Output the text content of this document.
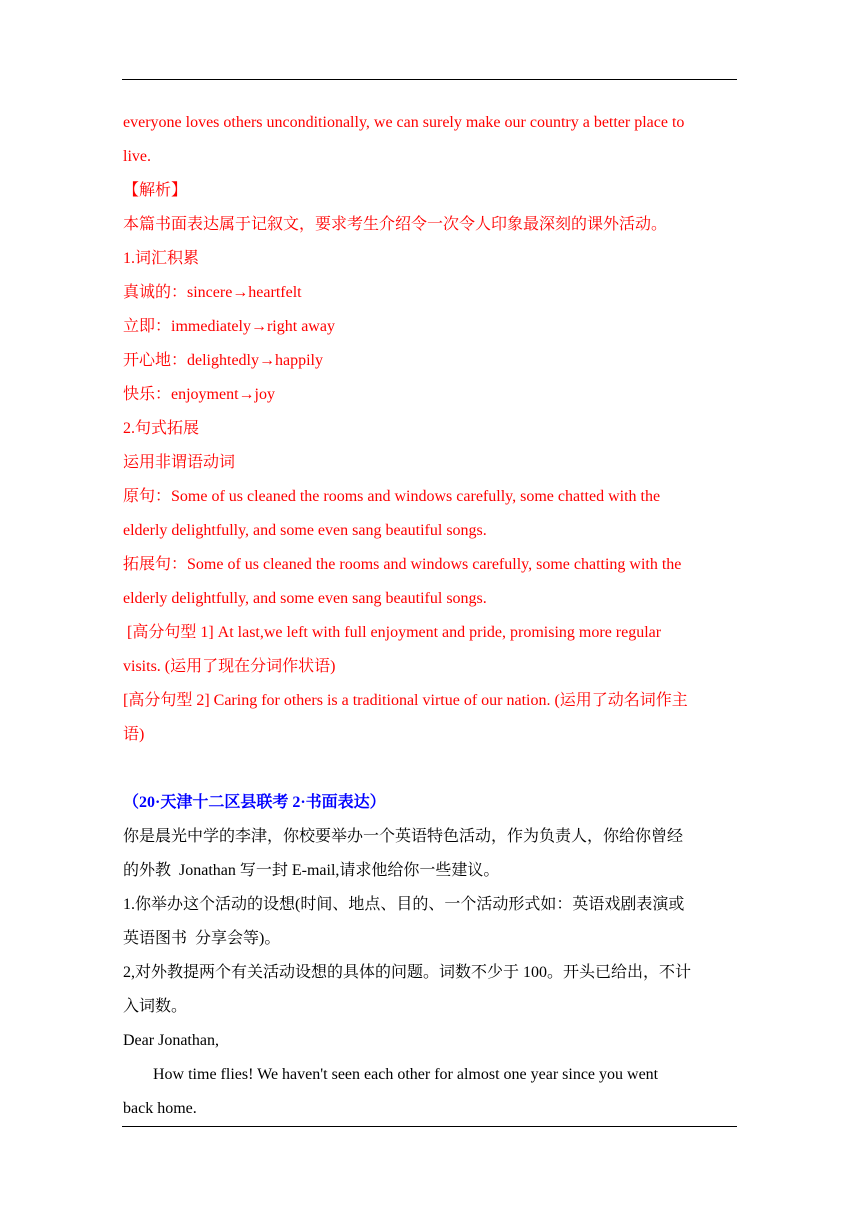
everyone loves others unconditionally, we can surely make our country a better place to
live.
【解析】
本篇书面表达属于记叙文，要求考生介绍令一次令人印象最深刻的课外活动。
1.词汇积累
真诚的：sincere→heartfelt
立即：immediately→right away
开心地：delightedly→happily
快乐：enjoyment→joy
2.句式拓展
运用非谓语动词
原句：Some of us cleaned the rooms and windows carefully, some chatted with the
elderly delightfully, and some even sang beautiful songs.
拓展句：Some of us cleaned the rooms and windows carefully, some chatting with the
elderly delightfully, and some even sang beautiful songs.
[高分句型 1] At last,we left with full enjoyment and pride, promising more regular
visits. (运用了现在分词作状语)
[高分句型 2] Caring for others is a traditional virtue of our nation. (运用了动名词作主
语)
（20·天津十二区县联考 2·书面表达）
你是晨光中学的李津，你校要举办一个英语特色活动，作为负责人，你给你曾经
的外教  Jonathan 写一封 E-mail,请求他给你一些建议。
1.你举办这个活动的设想(时间、地点、目的、一个活动形式如：英语戏剧表演或
英语图书  分享会等)。
2,对外教提两个有关活动设想的具体的问题。词数不少于 100。开头已给出，不计
入词数。
Dear Jonathan,
How time flies! We haven't seen each other for almost one year since you went
back home.
